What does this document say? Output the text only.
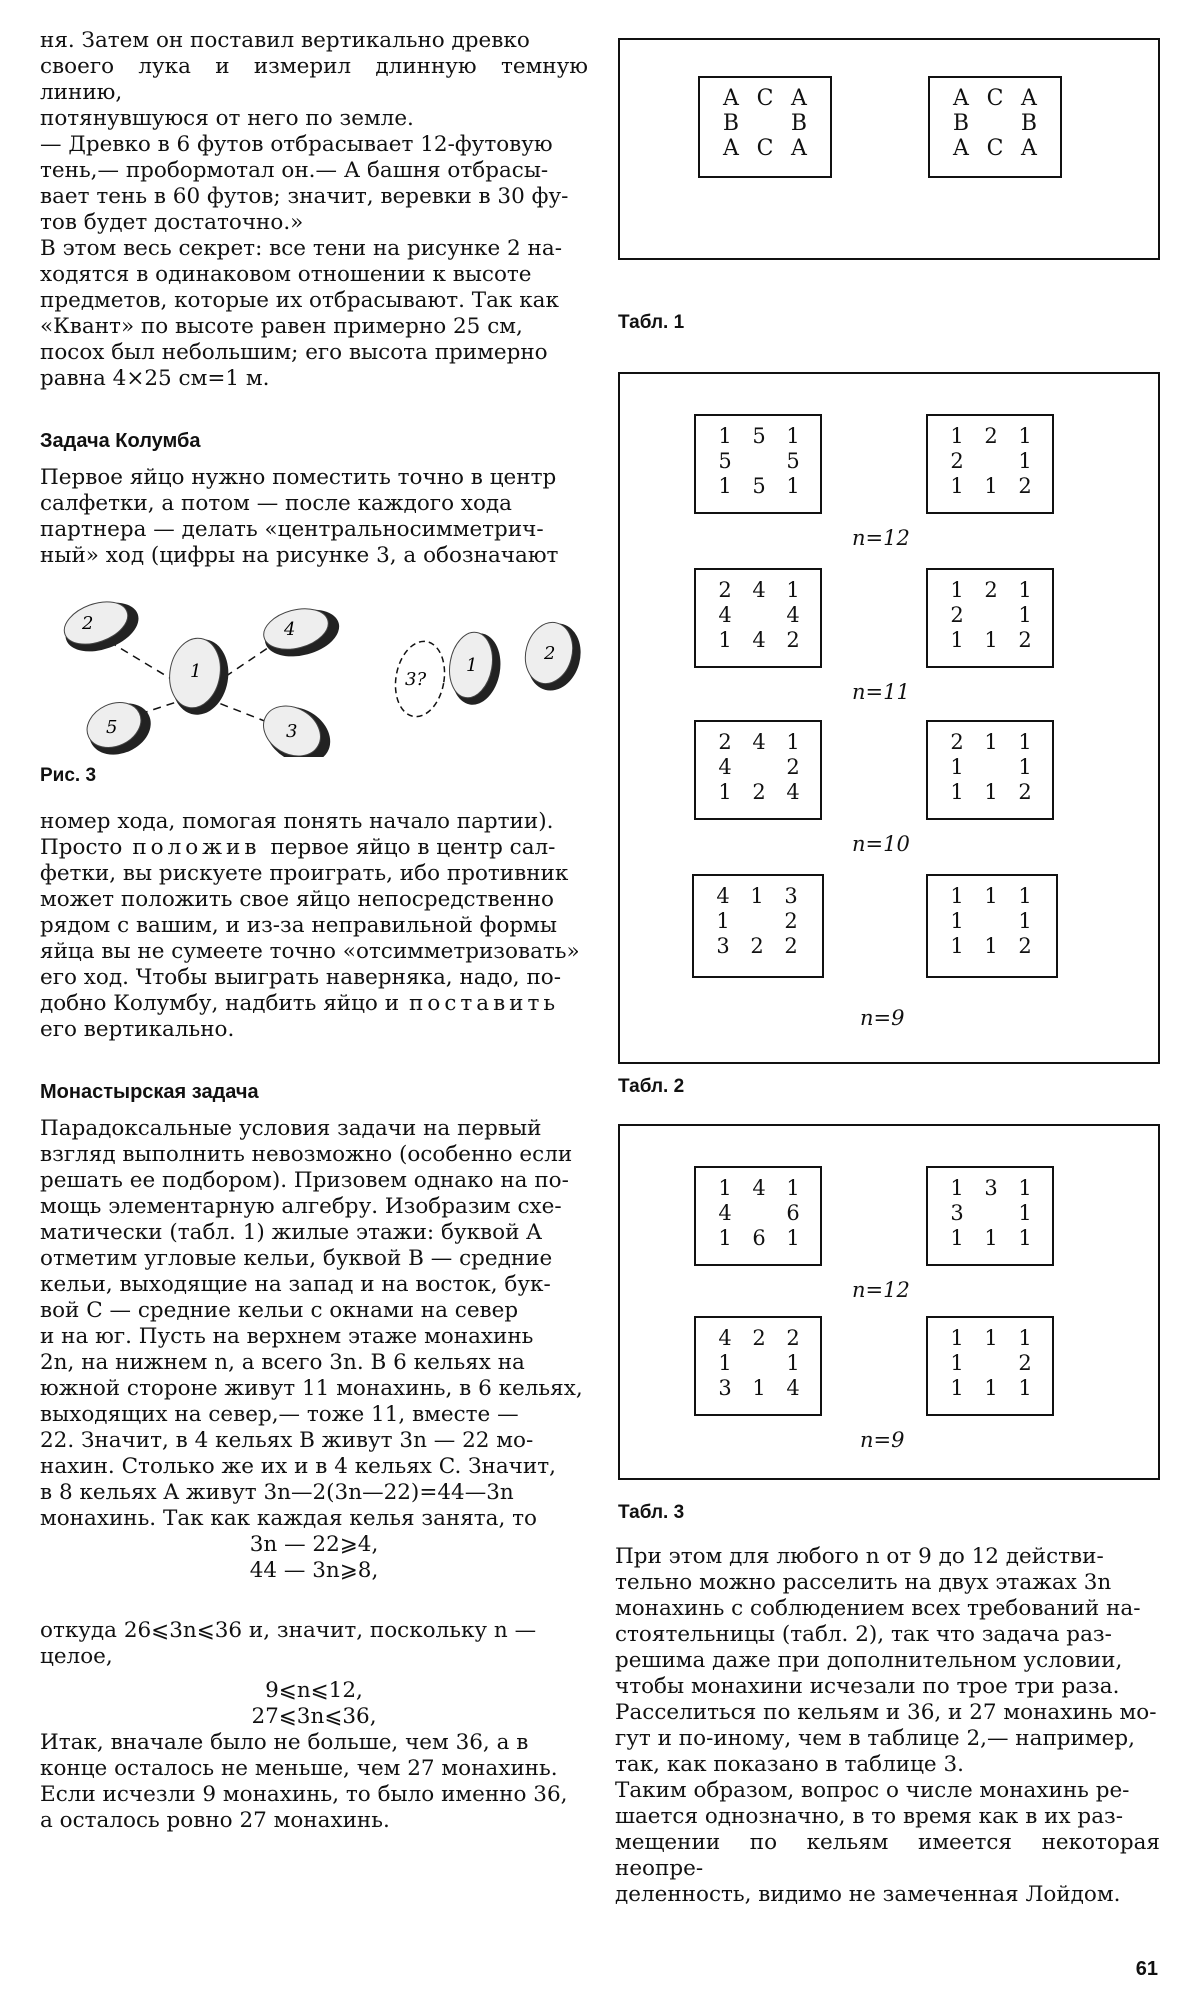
ня. Затем он поставил вертикально древко
своего лука и измерил длинную темную линию,
потянувшуюся от него по земле.
— Древко в 6 футов отбрасывает 12-футовую
тень,— пробормотал он.— А башня отбрасы-
вает тень в 60 футов; значит, веревки в 30 фу-
тов будет достаточно.»
В этом весь секрет: все тени на рисунке 2 на-
ходятся в одинаковом отношении к высоте
предметов, которые их отбрасывают. Так как
«Квант» по высоте равен примерно 25 см,
посох был небольшим; его высота примерно
равна 4×25 см=1 м.
Задача Колумба
Первое яйцо нужно поместить точно в центр
салфетки, а потом — после каждого хода
партнера — делать «центральносимметрич-
ный» ход (цифры на рисунке 3, а обозначают
2
1
4
5	3
3?
1
2

Рис. 3

номер хода, помогая понять начало партии).
Просто положив первое яйцо в центр сал-
фетки, вы рискуете проиграть, ибо противник
может положить свое яйцо непосредственно
рядом с вашим, и из-за неправильной формы
яйца вы не сумеете точно «отсимметризовать»
его ход. Чтобы выиграть наверняка, надо, по-
добно Колумбу, надбить яйцо и поставить
его вертикально.
Монастырская задача
Парадоксальные условия задачи на первый
взгляд выполнить невозможно (особенно если
решать ее подбором). Призовем однако на по-
мощь элементарную алгебру. Изобразим схе-
матически (табл. 1) жилые этажи: буквой A
отметим угловые кельи, буквой B — средние
кельи, выходящие на запад и на восток, бук-
вой C — средние кельи с окнами на север
и на юг. Пусть на верхнем этаже монахинь
2n, на нижнем n, а всего 3n. В 6 кельях на
южной стороне живут 11 монахинь, в 6 кельях,
выходящих на север,— тоже 11, вместе —
22. Значит, в 4 кельях B живут 3n — 22 мо-
нахин. Столько же их и в 4 кельях C. Значит,
в 8 кельях A живут 3n—2(3n—22)=44—3n
монахинь. Так как каждая келья занята, то
3n — 22⩾4,
44 — 3n⩾8,
откуда 26⩽3n⩽36 и, значит, поскольку n —
целое,
9⩽n⩽12,
27⩽3n⩽36,
Итак, вначале было не больше, чем 36, а в
конце осталось не меньше, чем 27 монахинь.
Если исчезли 9 монахинь, то было именно 36,
а осталось ровно 27 монахинь.
A C A
B	B
A C A
A C A
B	B
A C A

Табл. 1

1 5 1
5	5
1 5 1
1 2 1
2	1
1 1 2
n=12
2 4 1
4	4
1 4 2
1 2 1
2	1
1 1 2
n=11
2 4 1
4	2
1 2 4
2 1 1
1	1
1 1 2
n=10
4 1 3
1	2
3 2 2
1 1 1
1	1
1 1 2
n=9

Табл. 2

1 4 1
4	6
1 6 1
1 3 1
3	1
1 1 1
n=12
4 2 2
1	1
3 1 4
1 1 1
1	2
1 1 1
n=9

Табл. 3

При этом для любого n от 9 до 12 действи-
тельно можно расселить на двух этажах 3n
монахинь с соблюдением всех требований на-
стоятельницы (табл. 2), так что задача раз-
решима даже при дополнительном условии,
чтобы монахини исчезали по трое три раза.
Расселиться по кельям и 36, и 27 монахинь мо-
гут и по-иному, чем в таблице 2,— например,
так, как показано в таблице 3.
Таким образом, вопрос о числе монахинь ре-
шается однозначно, в то время как в их раз-
мещении по кельям имеется некоторая неопре-
деленность, видимо не замеченная Лойдом.
61
